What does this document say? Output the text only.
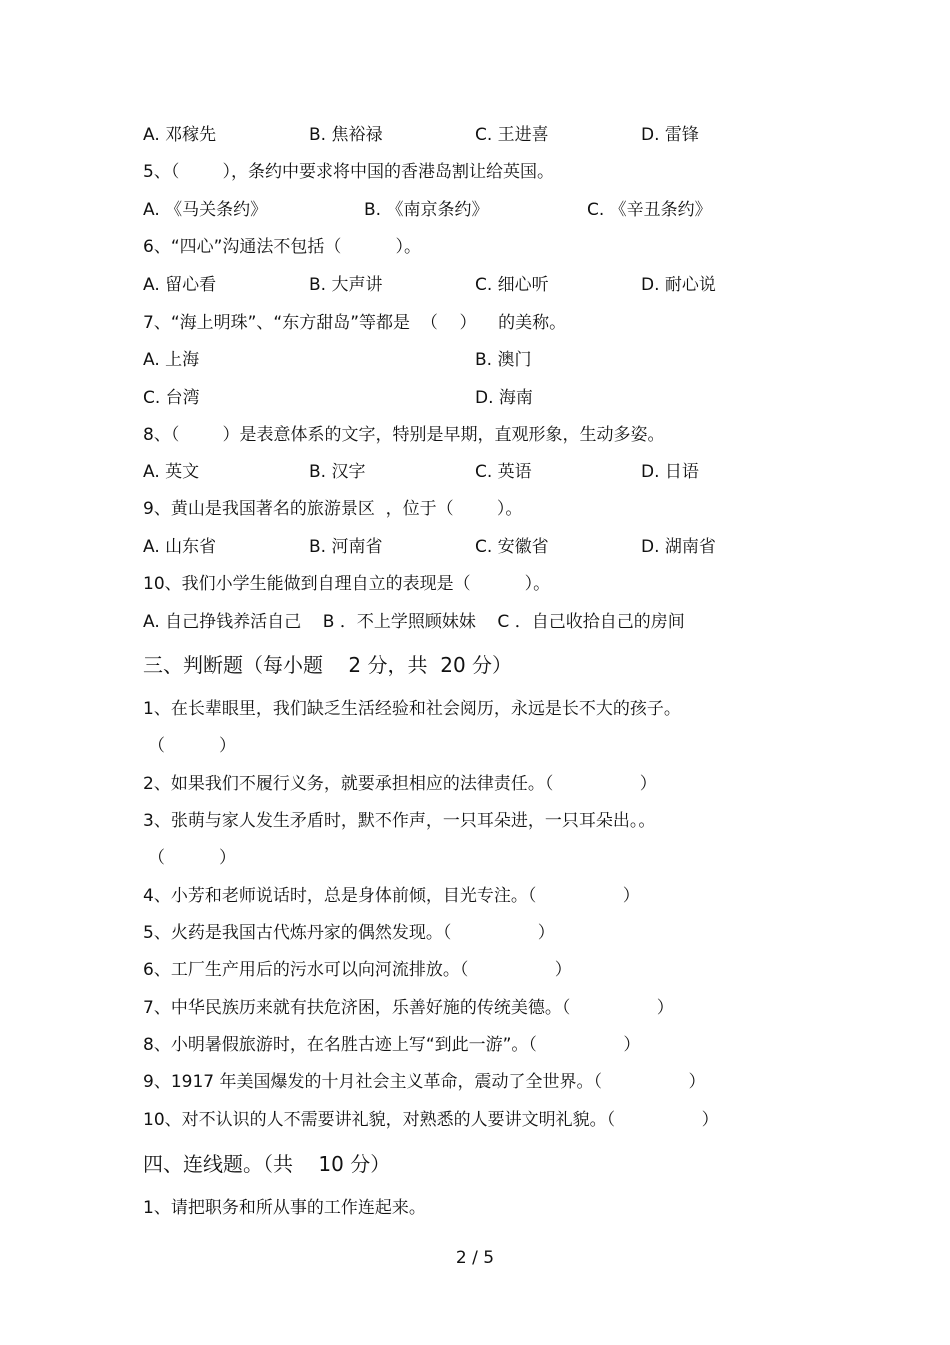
A. 邓稼先	B. 焦裕禄	C. 王进喜	D. 雷锋
5、（        ），条约中要求将中国的香港岛割让给英国。
A. 《马关条约》	B. 《南京条约》	C. 《辛丑条约》
6、“四心”沟通法不包括（          ）。
A. 留心看	B. 大声讲	C. 细心听	D. 耐心说
7、“海上明珠”、“东方甜岛”等都是  （    ）    的美称。
A. 上海	B. 澳门
C. 台湾	D. 海南
8、（        ）是表意体系的文字，特别是早期，直观形象，生动多姿。
A. 英文	B. 汉字	C. 英语	D. 日语
9、黄山是我国著名的旅游景区  ，位于（        ）。
A. 山东省	B. 河南省	C. 安徽省	D. 湖南省
10、我们小学生能做到自理自立的表现是（          ）。
A. 自己挣钱养活自己    B ．不上学照顾妹妹    C ．自己收拾自己的房间
三、判断题（每小题    2 分，共  20 分）
1、在长辈眼里，我们缺乏生活经验和社会阅历，永远是长不大的孩子。
（          ）
2、如果我们不履行义务，就要承担相应的法律责任。（                ）
3、张萌与家人发生矛盾时，默不作声，一只耳朵进，一只耳朵出。。
（          ）
4、小芳和老师说话时，总是身体前倾，目光专注。（                ）
5、火药是我国古代炼丹家的偶然发现。（                ）
6、工厂生产用后的污水可以向河流排放。（                ）
7、中华民族历来就有扶危济困，乐善好施的传统美德。（                ）
8、小明暑假旅游时，在名胜古迹上写“到此一游”。（                ）
9、1917 年美国爆发的十月社会主义革命，震动了全世界。（                ）
10、对不认识的人不需要讲礼貌，对熟悉的人要讲文明礼貌。（                ）
四、连线题。（共    10 分）
1、请把职务和所从事的工作连起来。
2 / 5
